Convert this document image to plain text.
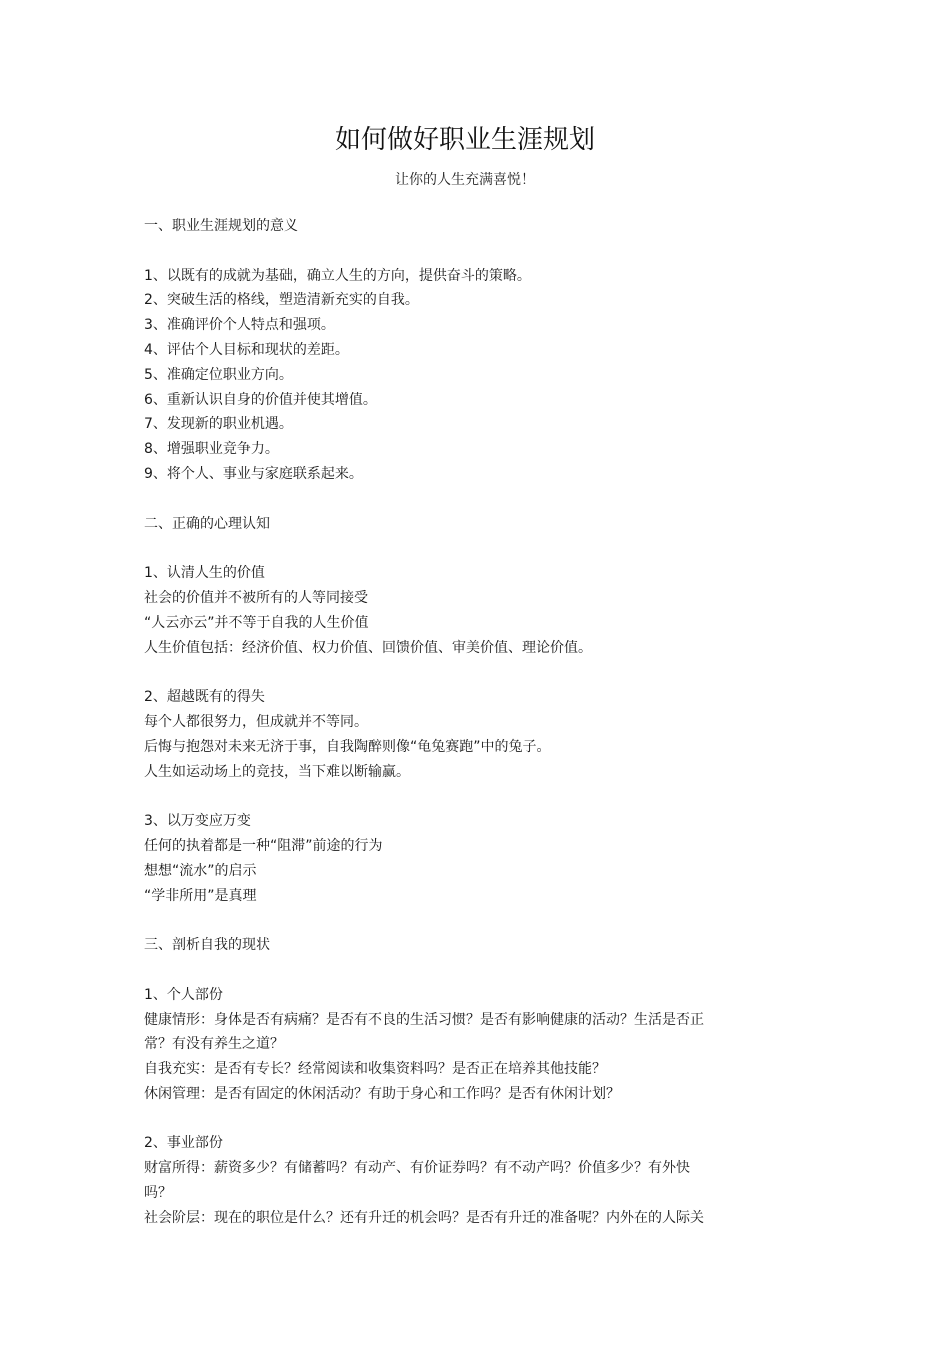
如何做好职业生涯规划
让你的人生充满喜悦！
一、职业生涯规划的意义
1、以既有的成就为基础，确立人生的方向，提供奋斗的策略。
2、突破生活的格线，塑造清新充实的自我。
3、准确评价个人特点和强项。
4、评估个人目标和现状的差距。
5、准确定位职业方向。
6、重新认识自身的价值并使其增值。
7、发现新的职业机遇。
8、增强职业竞争力。
9、将个人、事业与家庭联系起来。
二、正确的心理认知
1、认清人生的价值
社会的价值并不被所有的人等同接受
“人云亦云”并不等于自我的人生价值
人生价值包括：经济价值、权力价值、回馈价值、审美价值、理论价值。
2、超越既有的得失
每个人都很努力，但成就并不等同。
后悔与抱怨对未来无济于事，自我陶醉则像“龟兔赛跑”中的兔子。
人生如运动场上的竞技，当下难以断输赢。
3、以万变应万变
任何的执着都是一种“阻滞”前途的行为
想想“流水”的启示
“学非所用”是真理
三、剖析自我的现状
1、个人部份
健康情形：身体是否有病痛？是否有不良的生活习惯？是否有影响健康的活动？生活是否正
常？有没有养生之道？
自我充实：是否有专长？经常阅读和收集资料吗？是否正在培养其他技能？
休闲管理：是否有固定的休闲活动？有助于身心和工作吗？是否有休闲计划？
2、事业部份
财富所得：薪资多少？有储蓄吗？有动产、有价证券吗？有不动产吗？价值多少？有外快
吗？
社会阶层：现在的职位是什么？还有升迁的机会吗？是否有升迁的准备呢？内外在的人际关
